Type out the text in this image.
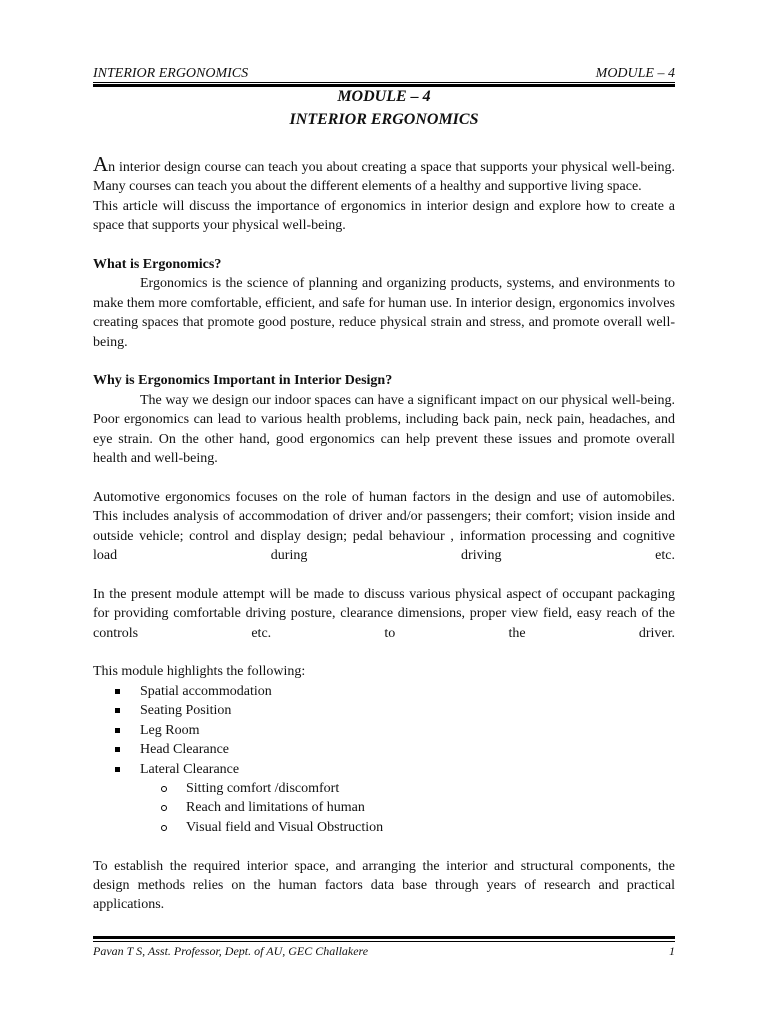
INTERIOR ERGONOMICS	MODULE – 4
MODULE – 4
INTERIOR ERGONOMICS

An interior design course can teach you about creating a space that supports your physical well-being. Many courses can teach you about the different elements of a healthy and supportive living space.

This article will discuss the importance of ergonomics in interior design and explore how to create a space that supports your physical well-being.

What is Ergonomics?

Ergonomics is the science of planning and organizing products, systems, and environments to make them more comfortable, efficient, and safe for human use. In interior design, ergonomics involves creating spaces that promote good posture, reduce physical strain and stress, and promote overall well-being.

Why is Ergonomics Important in Interior Design?

The way we design our indoor spaces can have a significant impact on our physical well-being. Poor ergonomics can lead to various health problems, including back pain, neck pain, headaches, and eye strain. On the other hand, good ergonomics can help prevent these issues and promote overall health and well-being.

Automotive ergonomics focuses on the role of human factors in the design and use of automobiles. This includes analysis of accommodation of driver and/or passengers; their comfort; vision inside and outside vehicle; control and display design; pedal behaviour , information processing and cognitive load during driving etc.

In the present module attempt will be made to discuss various physical aspect of occupant packaging for providing comfortable driving posture, clearance dimensions, proper view field, easy reach of the controls etc. to the driver.

This module highlights the following:

Spatial accommodation
Seating Position
Leg Room
Head Clearance
Lateral Clearance
Sitting comfort /discomfort
Reach and limitations of human
Visual field and Visual Obstruction

To establish the required interior space, and arranging the interior and structural components, the design methods relies on the human factors data base through years of research and practical applications.

Pavan T S, Asst. Professor, Dept. of AU, GEC Challakere	1
